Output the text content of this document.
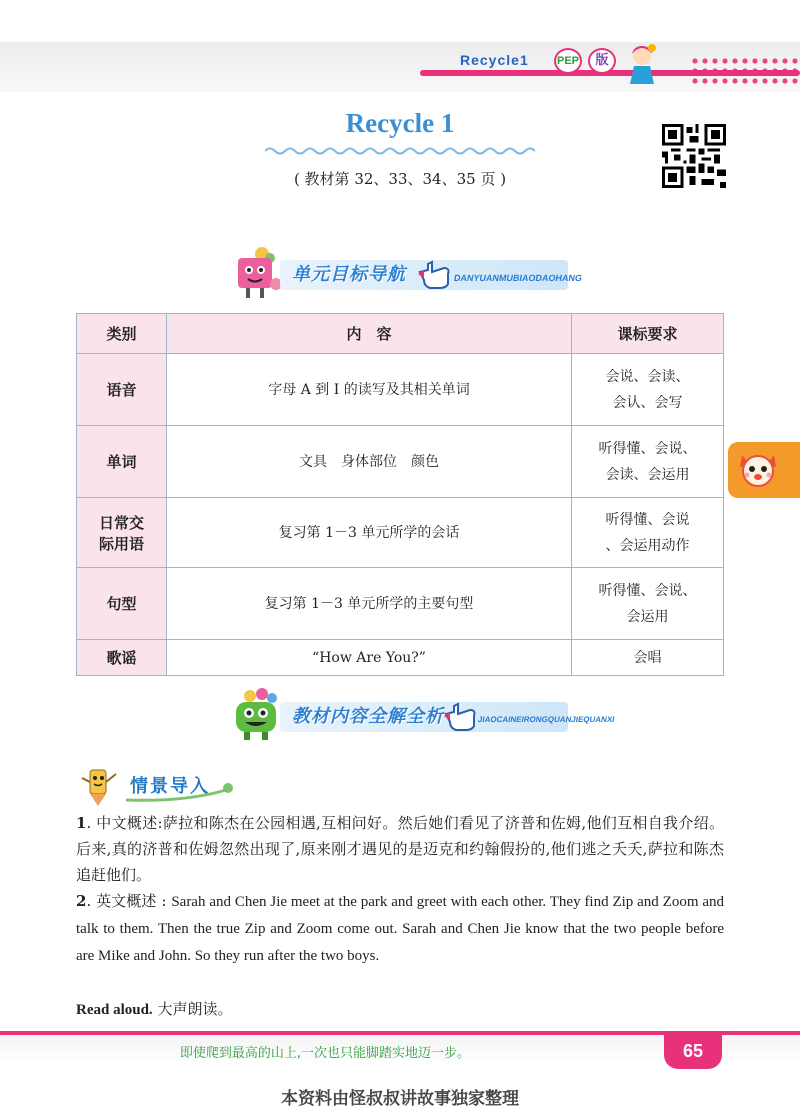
Recycle 1	PEP	版
Recycle 1
( 教材第 32、33、34、35 页 )
单元目标导航	DANYUANMUBIAODAOHANG
类别	内　容	课标要求
语音	字母 A 到 I 的读写及其相关单词	会说、会读、
会认、会写
单词	文具　身体部位　颜色	听得懂、会说、
会读、会运用
日常交
际用语	复习第 1－3 单元所学的会话	听得懂、会说
、会运用动作
句型	复习第 1－3 单元所学的主要句型	听得懂、会说、
会运用
歌谣	“How Are You?”	会唱
教材内容全解全析	JIAOCAINEIRONGQUANJIEQUANXI
情景导入
1. 中文概述:萨拉和陈杰在公园相遇,互相问好。然后她们看见了济普和佐姆,他们互相自我介绍。后来,真的济普和佐姆忽然出现了,原来刚才遇见的是迈克和约翰假扮的,他们逃之夭夭,萨拉和陈杰追赶他们。
2. 英文概述 : Sarah and Chen Jie meet at the park and greet with each other. They find Zip and Zoom and talk to them. Then the true Zip and Zoom come out. Sarah and Chen Jie know that the two people before are Mike and John. So they run after the two boys.
Read aloud. 大声朗读。
即使爬到最高的山上,一次也只能脚踏实地迈一步。	65
本资料由怪叔叔讲故事独家整理
